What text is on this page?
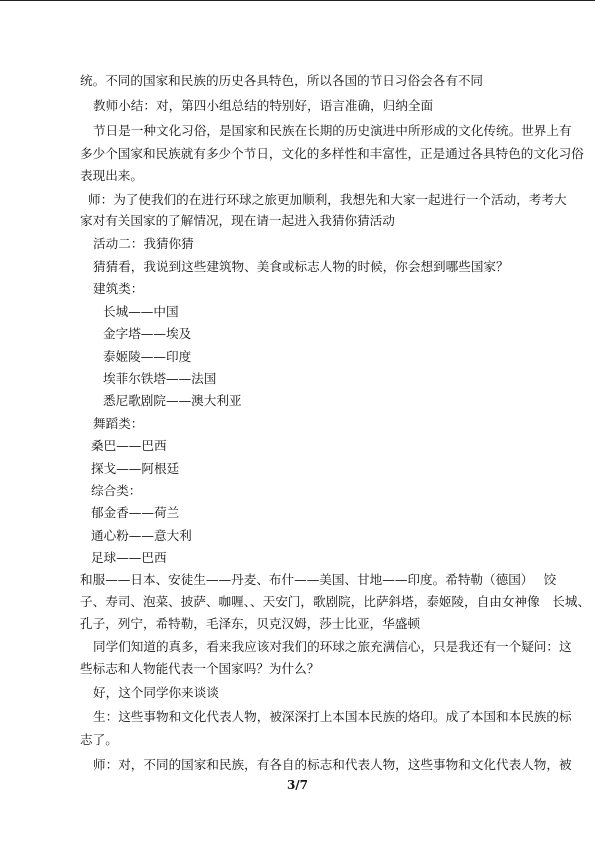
统。不同的国家和民族的历史各具特色，所以各国的节日习俗会各有不同
教师小结：对，第四小组总结的特别好，语言准确，归纳全面
节日是一种文化习俗，是国家和民族在长期的历史演进中所形成的文化传统。世界上有
多少个国家和民族就有多少个节日，文化的多样性和丰富性，正是通过各具特色的文化习俗
表现出来。
师：为了使我们的在进行环球之旅更加顺利，我想先和大家一起进行一个活动，考考大
家对有关国家的了解情况，现在请一起进入我猜你猜活动
活动二：我猜你猜
猜猜看，我说到这些建筑物、美食或标志人物的时候，你会想到哪些国家？
建筑类：
长城——中国
金字塔——埃及
泰姬陵——印度
埃菲尔铁塔——法国
悉尼歌剧院——澳大利亚
舞蹈类：
桑巴——巴西
探戈——阿根廷
综合类：
郁金香——荷兰
通心粉——意大利
足球——巴西
和服——日本、安徒生——丹麦、布什——美国、甘地——印度。希特勒（德国）　 饺
子、寿司、泡菜、披萨、咖喱、、天安门，歌剧院，比萨斜塔，泰姬陵，自由女神像　长城、
孔子，列宁，希特勒，毛泽东，贝克汉姆，莎士比亚，华盛顿
同学们知道的真多，看来我应该对我们的环球之旅充满信心，只是我还有一个疑问：这
些标志和人物能代表一个国家吗？为什么？
好，这个同学你来谈谈
生：这些事物和文化代表人物，被深深打上本国本民族的烙印。成了本国和本民族的标
志了。
师：对，不同的国家和民族，有各自的标志和代表人物，这些事物和文化代表人物，被
3/7
